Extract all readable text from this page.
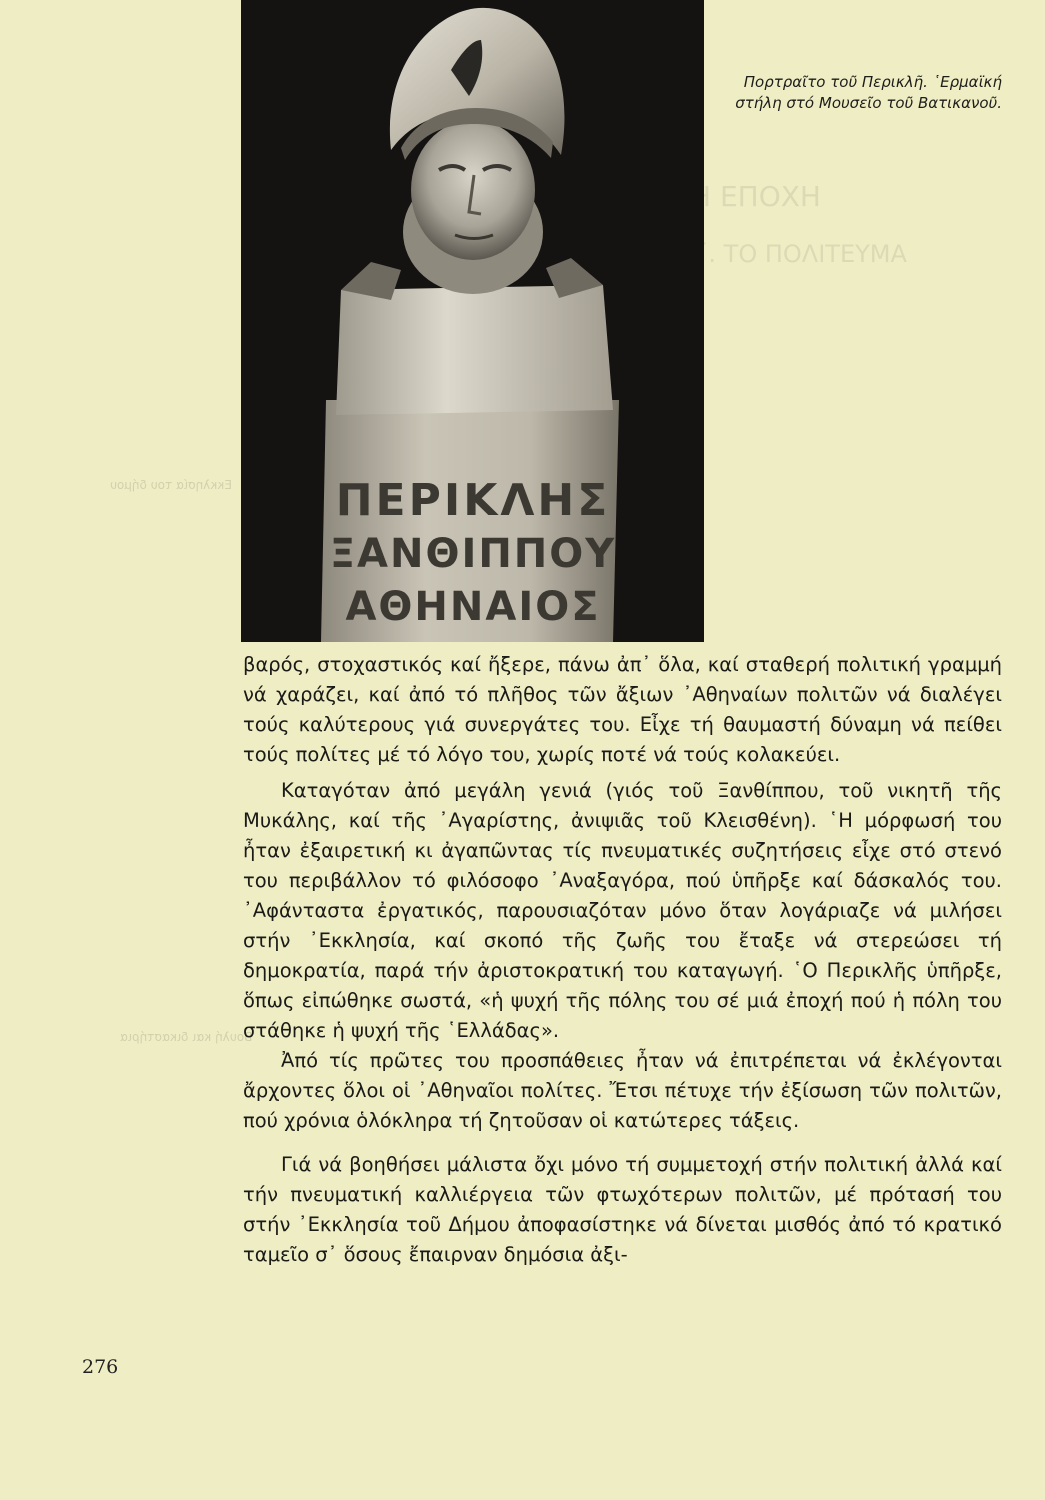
Η ΕΠΟΧΗ
Α΄. ΤΟ ΠΟΛΙΤΕΥΜΑ
Εκκλησία του δήμου
Βουλή και δικαστήρια
ΠΕΡΙΚΛΗΣ
ΞΑΝΘΙΠΠΟΥ
ΑΘΗΝΑΙΟΣ
Πορτραῖτο τοῦ Περικλῆ. ῾Ερμαϊκή στήλη στό Μουσεῖο τοῦ Βατικανοῦ.

βαρός, στοχαστικός καί ἤξερε, πάνω ἀπ᾽ ὅλα, καί σταθερή πολιτική γραμμή νά χαράζει, καί ἀπό τό πλῆθος τῶν ἄξιων ᾽Αθηναίων πολιτῶν νά διαλέγει τούς καλύτερους γιά συνεργάτες του. Εἶχε τή θαυμαστή δύναμη νά πείθει τούς πολίτες μέ τό λόγο του, χωρίς ποτέ νά τούς κολακεύει.

Καταγόταν ἀπό μεγάλη γενιά (γιός τοῦ Ξανθίππου, τοῦ νικητῆ τῆς Μυκάλης, καί τῆς ᾽Αγαρίστης, ἀνιψιᾶς τοῦ Κλεισθένη). ῾Η μόρφωσή του ἦταν ἐξαιρετική κι ἀγαπῶντας τίς πνευματικές συζητήσεις εἶχε στό στενό του περιβάλλον τό φιλόσοφο ᾽Αναξαγόρα, πού ὑπῆρξε καί δάσκαλός του. ᾽Αφάνταστα ἐργατικός, παρουσιαζόταν μόνο ὅταν λογάριαζε νά μιλήσει στήν ᾽Εκκλησία, καί σκοπό τῆς ζωῆς του ἔταξε νά στερεώσει τή δημοκρατία, παρά τήν ἀριστοκρατική του καταγωγή. ῾Ο Περικλῆς ὑπῆρξε, ὅπως εἰπώθηκε σωστά, «ἡ ψυχή τῆς πόλης του σέ μιά ἐποχή πού ἡ πόλη του στάθηκε ἡ ψυχή τῆς ῾Ελλάδας».

Ἀπό τίς πρῶτες του προσπάθειες ἦταν νά ἐπιτρέπεται νά ἐκλέγονται ἄρχοντες ὅλοι οἱ ᾽Αθηναῖοι πολίτες. Ἔτσι πέτυχε τήν ἐξίσωση τῶν πολιτῶν, πού χρόνια ὁλόκληρα τή ζητοῦσαν οἱ κατώτερες τάξεις.

Γιά νά βοηθήσει μάλιστα ὄχι μόνο τή συμμετοχή στήν πολιτική ἀλλά καί τήν πνευματική καλλιέργεια τῶν φτωχότερων πολιτῶν, μέ πρότασή του στήν ᾽Εκκλησία τοῦ Δήμου ἀποφασίστηκε νά δίνεται μισθός ἀπό τό κρατικό ταμεῖο σ᾽ ὅσους ἔπαιρναν δημόσια ἀξι-

276
